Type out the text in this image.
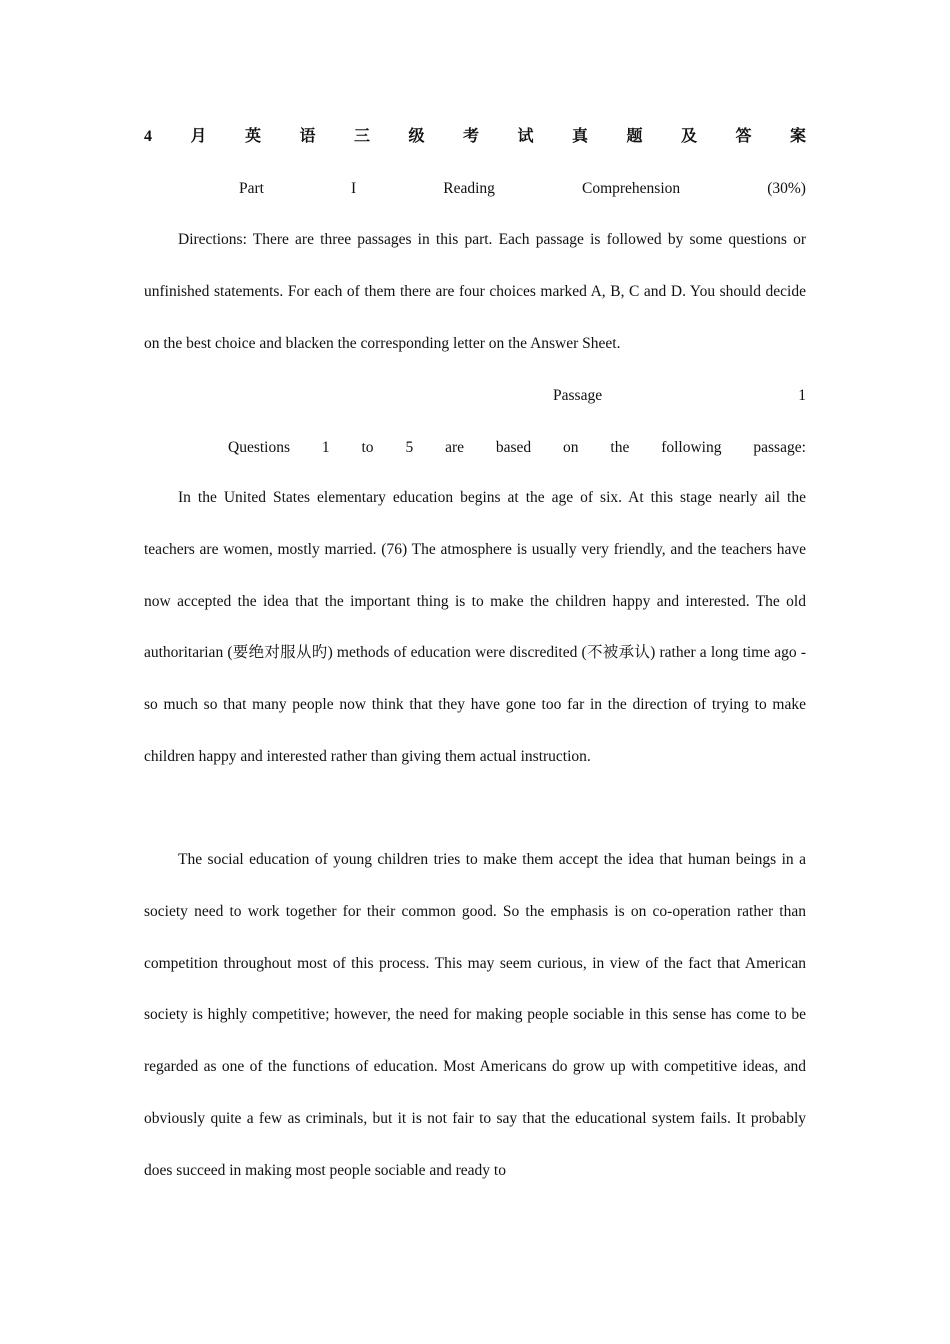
4 月 英 语 三 级 考 试 真 题 及 答 案
Part	I	Reading	Comprehension	(30%)
Directions: There are three passages in this part. Each passage is followed by some questions or unfinished statements. For each of them there are four choices marked A, B, C and D. You should decide on the best choice and blacken the corresponding letter on the Answer Sheet.
Passage	1
Questions 1 to 5 are based on the following passage:
In the United States elementary education begins at the age of six. At this stage nearly ail the teachers are women, mostly married. (76) The atmosphere is usually very friendly, and the teachers have now accepted the idea that the important thing is to make the children happy and interested. The old authoritarian (要绝对服从旳) methods of education were discredited (不被承认) rather a long time ago - so much so that many people now think that they have gone too far in the direction of trying to make children happy and interested rather than giving them actual instruction.
The social education of young children tries to make them accept the idea that human beings in a society need to work together for their common good. So the emphasis is on co-operation rather than competition throughout most of this process. This may seem curious, in view of the fact that American society is highly competitive; however, the need for making people sociable in this sense has come to be regarded as one of the functions of education. Most Americans do grow up with competitive ideas, and obviously quite a few as criminals, but it is not fair to say that the educational system fails. It probably does succeed in making most people sociable and ready to
